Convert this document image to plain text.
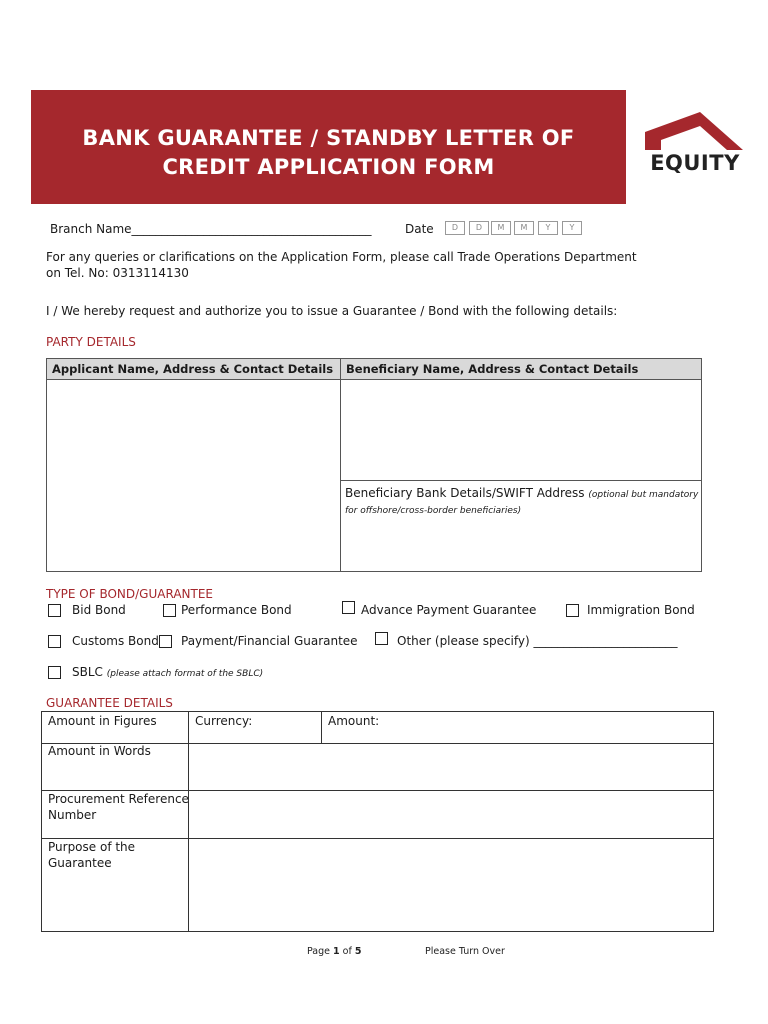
BANK GUARANTEE / STANDBY LETTER OF
CREDIT APPLICATION FORM	EQUITY
Branch Name________________________________________	Date	D	D	M	M	Y	Y
For any queries or clarifications on the Application Form, please call Trade Operations Department
on Tel. No: 0313114130
I / We hereby request and authorize you to issue a Guarantee / Bond with the following details:
PARTY DETAILS
Applicant Name, Address & Contact Details	Beneficiary Name, Address & Contact Details
Beneficiary Bank Details/SWIFT Address (optional but mandatory for offshore/cross-border beneficiaries)
TYPE OF BOND/GUARANTEE
Bid Bond	Performance Bond	Advance Payment Guarantee	Immigration Bond
Customs Bond Payment/Financial Guarantee	Other (please specify) ________________________
SBLC (please attach format of the SBLC)
GUARANTEE DETAILS
Amount in Figures	Currency:	Amount:
Amount in Words
Procurement Reference
Number
Purpose of the
Guarantee
Page 1 of 5	Please Turn Over
